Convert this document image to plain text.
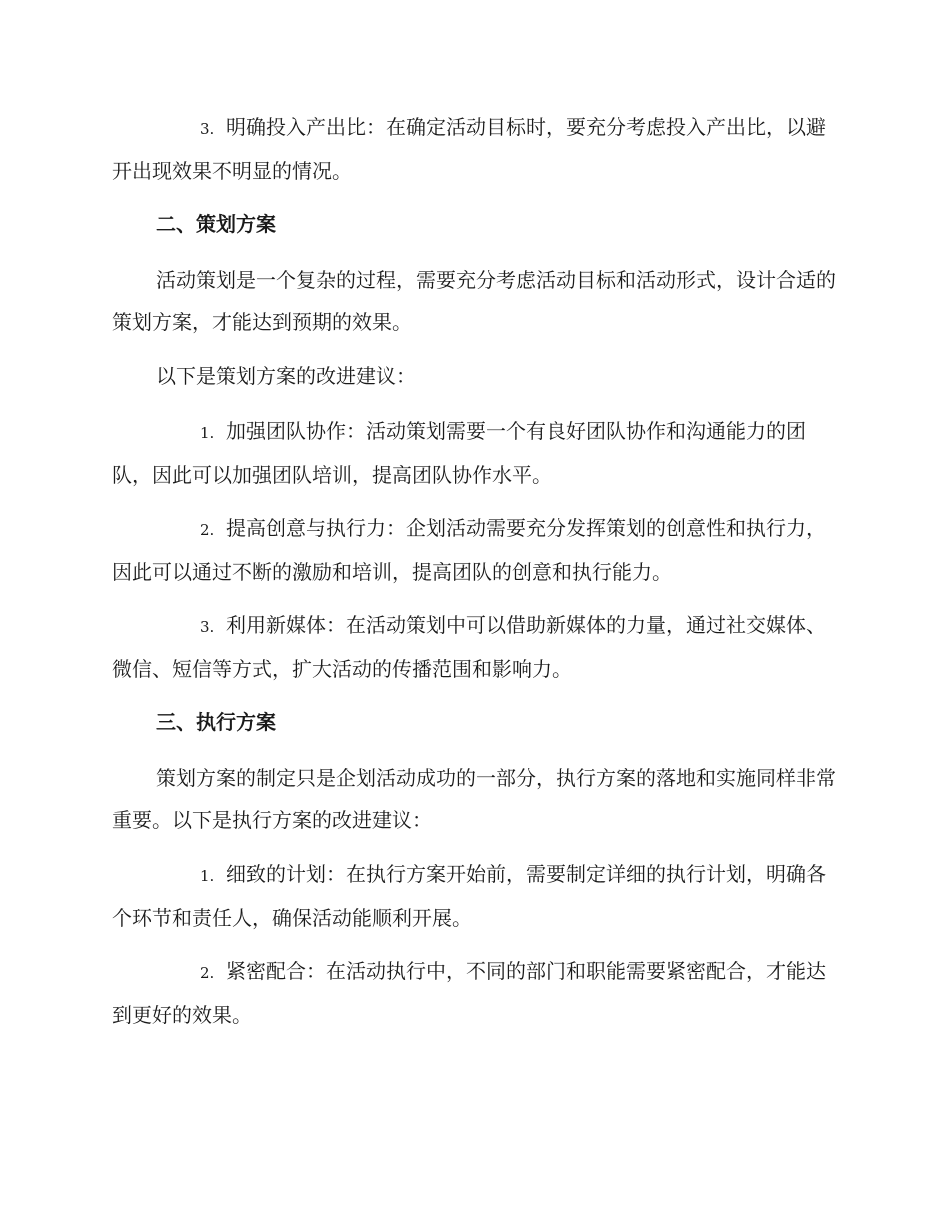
3. 明确投入产出比：在确定活动目标时，要充分考虑投入产出比，以避开出现效果不明显的情况。

二、策划方案

活动策划是一个复杂的过程，需要充分考虑活动目标和活动形式，设计合适的策划方案，才能达到预期的效果。

以下是策划方案的改进建议：

1. 加强团队协作：活动策划需要一个有良好团队协作和沟通能力的团队，因此可以加强团队培训，提高团队协作水平。

2. 提高创意与执行力：企划活动需要充分发挥策划的创意性和执行力，因此可以通过不断的激励和培训，提高团队的创意和执行能力。

3. 利用新媒体：在活动策划中可以借助新媒体的力量，通过社交媒体、微信、短信等方式，扩大活动的传播范围和影响力。

三、执行方案

策划方案的制定只是企划活动成功的一部分，执行方案的落地和实施同样非常重要。以下是执行方案的改进建议：

1. 细致的计划：在执行方案开始前，需要制定详细的执行计划，明确各个环节和责任人，确保活动能顺利开展。

2. 紧密配合：在活动执行中，不同的部门和职能需要紧密配合，才能达到更好的效果。
